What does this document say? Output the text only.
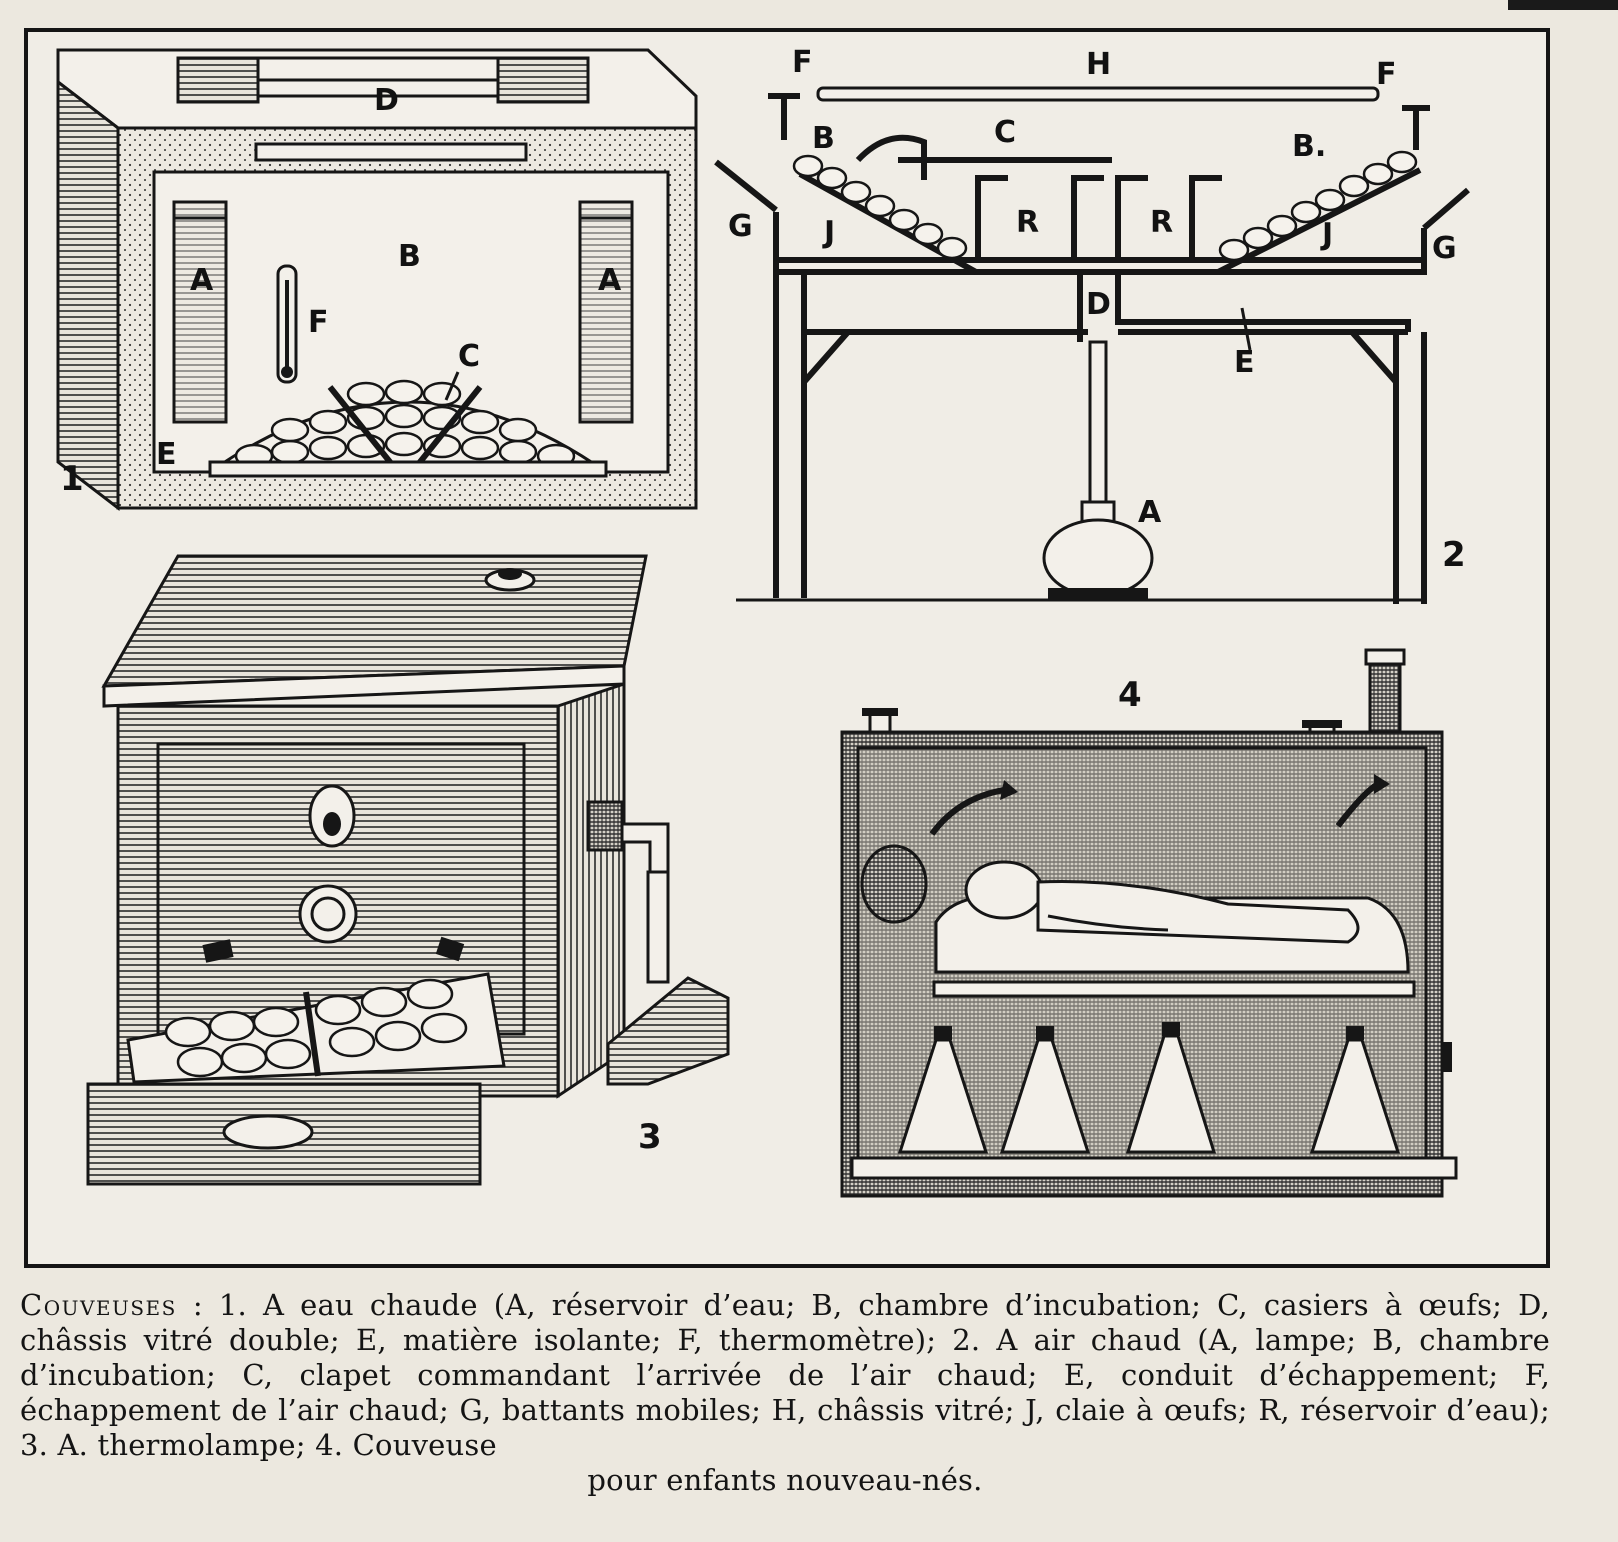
D
A	A
B
F
C
E
1
F	H	F
C
B	B.
G J	R	R	J	G
D
E
A
2
3
4
Couveuses : 1. A eau chaude (A, réservoir d’eau; B, chambre d’incubation; C, casiers à œufs; D, châssis vitré double; E, matière isolante; F, thermomètre); 2. A air chaud (A, lampe; B, chambre d’incubation; C, clapet commandant l’arrivée de l’air chaud; E, conduit d’échappement; F, échappement de l’air chaud; G, battants mobiles; H, châssis vitré; J, claie à œufs; R, réservoir d’eau); 3. A. thermolampe; 4. Couveuse
pour enfants nouveau-nés.
